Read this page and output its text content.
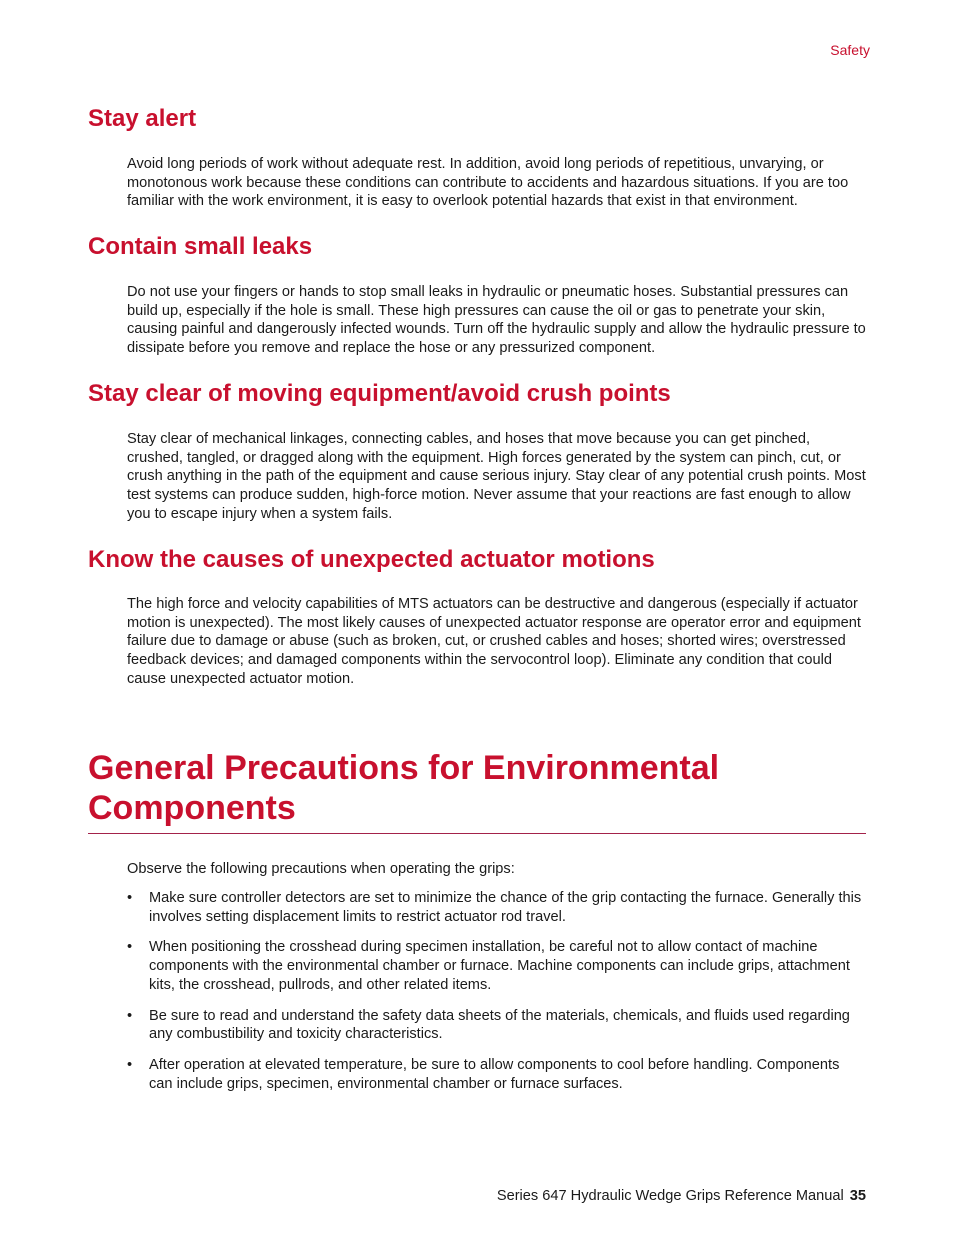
Safety
Stay alert

Avoid long periods of work without adequate rest. In addition, avoid long periods of repetitious, unvarying, or monotonous work because these conditions can contribute to accidents and hazardous situations. If you are too familiar with the work environment, it is easy to overlook potential hazards that exist in that environment.

Contain small leaks

Do not use your fingers or hands to stop small leaks in hydraulic or pneumatic hoses. Substantial pressures can build up, especially if the hole is small. These high pressures can cause the oil or gas to penetrate your skin, causing painful and dangerously infected wounds. Turn off the hydraulic supply and allow the hydraulic pressure to dissipate before you remove and replace the hose or any pressurized component.

Stay clear of moving equipment/avoid crush points

Stay clear of mechanical linkages, connecting cables, and hoses that move because you can get pinched, crushed, tangled, or dragged along with the equipment. High forces generated by the system can pinch, cut, or crush anything in the path of the equipment and cause serious injury. Stay clear of any potential crush points. Most test systems can produce sudden, high-force motion. Never assume that your reactions are fast enough to allow you to escape injury when a system fails.

Know the causes of unexpected actuator motions

The high force and velocity capabilities of MTS actuators can be destructive and dangerous (especially if actuator motion is unexpected). The most likely causes of unexpected actuator response are operator error and equipment failure due to damage or abuse (such as broken, cut, or crushed cables and hoses; shorted wires; overstressed feedback devices; and damaged components within the servocontrol loop). Eliminate any condition that could cause unexpected actuator motion.

General Precautions for Environmental Components

Observe the following precautions when operating the grips:

• Make sure controller detectors are set to minimize the chance of the grip contacting the furnace. Generally this involves setting displacement limits to restrict actuator rod travel.
• When positioning the crosshead during specimen installation, be careful not to allow contact of machine components with the environmental chamber or furnace. Machine components can include grips, attachment kits, the crosshead, pullrods, and other related items.
• Be sure to read and understand the safety data sheets of the materials, chemicals, and fluids used regarding any combustibility and toxicity characteristics.
• After operation at elevated temperature, be sure to allow components to cool before handling. Components can include grips, specimen, environmental chamber or furnace surfaces.
Series 647 Hydraulic Wedge Grips Reference Manual 35
